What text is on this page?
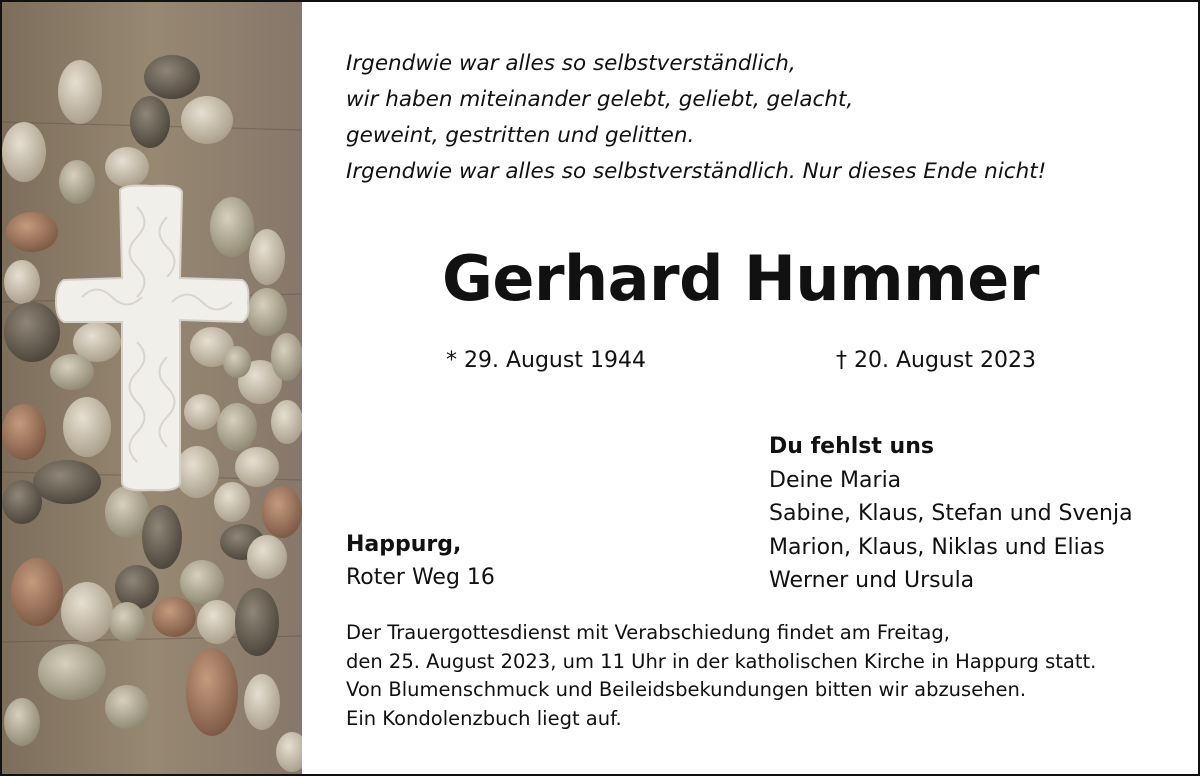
Irgendwie war alles so selbstverständlich,
wir haben miteinander gelebt, geliebt, gelacht,
geweint, gestritten und gelitten.
Irgendwie war alles so selbstverständlich. Nur dieses Ende nicht!
Gerhard Hummer
* 29. August 1944	† 20. August 2023
Du fehlst uns
Deine Maria
Sabine, Klaus, Stefan und Svenja
Marion, Klaus, Niklas und Elias
Werner und Ursula
Happurg,
Roter Weg 16
Der Trauergottesdienst mit Verabschiedung findet am Freitag,
den 25. August 2023, um 11 Uhr in der katholischen Kirche in Happurg statt.
Von Blumenschmuck und Beileidsbekundungen bitten wir abzusehen.
Ein Kondolenzbuch liegt auf.
